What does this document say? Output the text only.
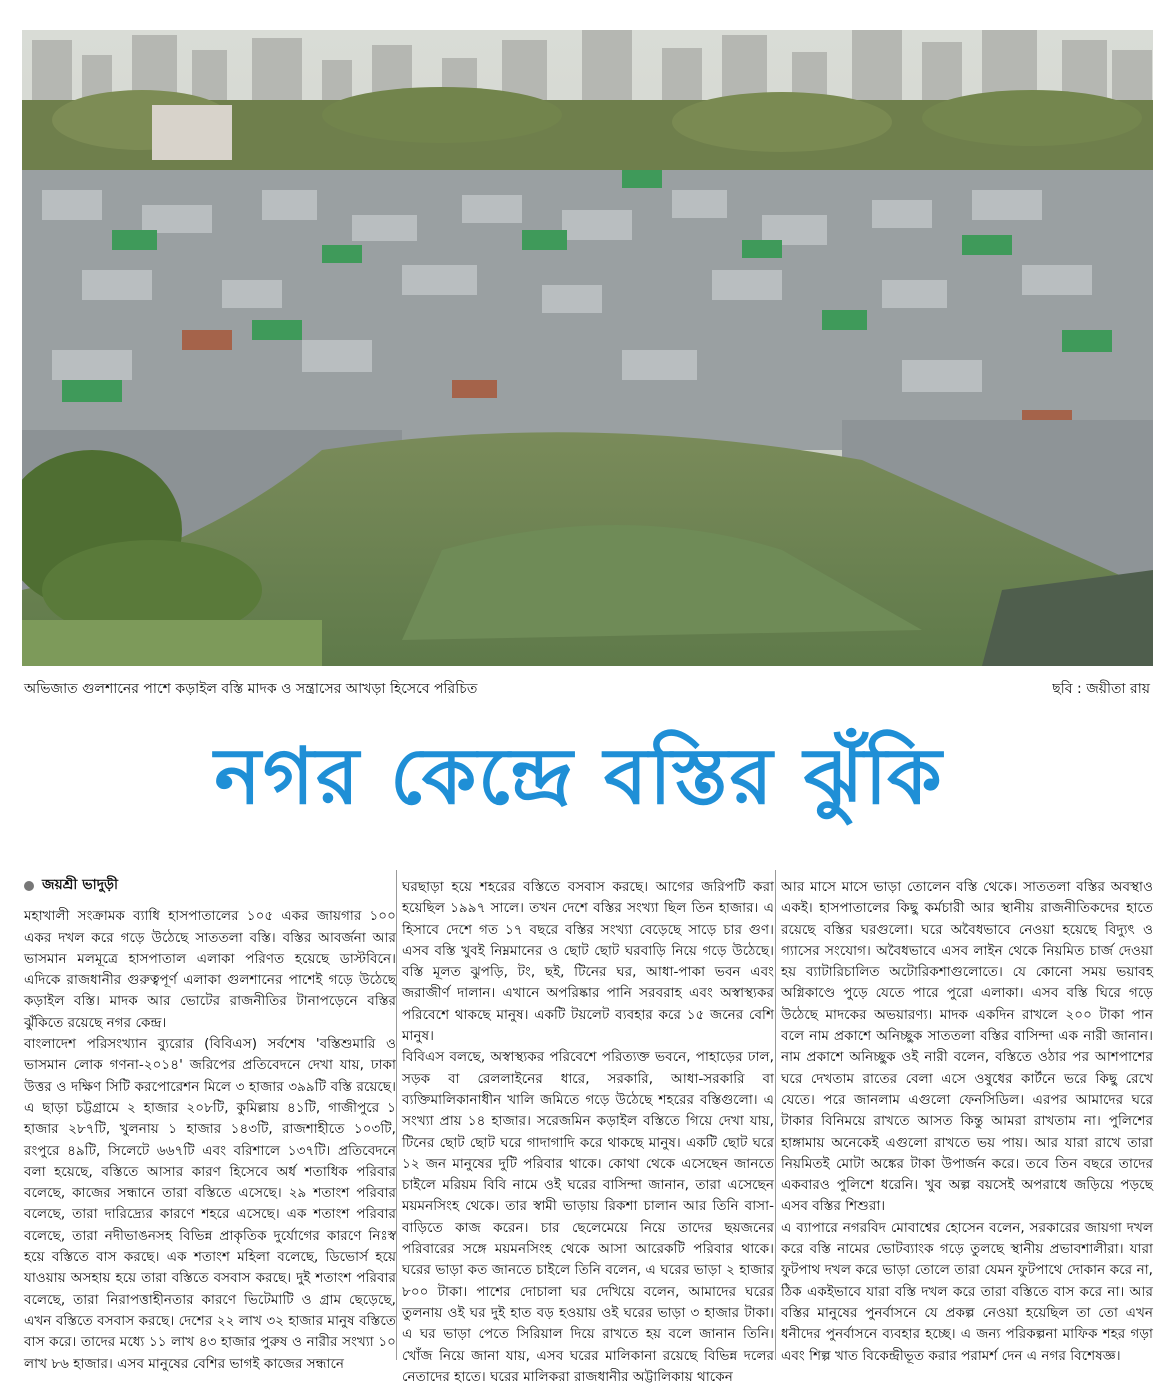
অভিজাত গুলশানের পাশে কড়াইল বস্তি মাদক ও সন্ত্রাসের আখড়া হিসেবে পরিচিত	ছবি : জয়ীতা রায়
নগর কেন্দ্রে বস্তির ঝুঁকি
জয়শ্রী ভাদুড়ী

মহাখালী সংক্রামক ব্যাধি হাসপাতালের ১০৫ একর জায়গার ১০০ একর দখল করে গড়ে উঠেছে সাততলা বস্তি। বস্তির আবর্জনা আর ভাসমান মলমূত্রে হাসপাতাল এলাকা পরিণত হয়েছে ডাস্টবিনে। এদিকে রাজধানীর গুরুত্বপূর্ণ এলাকা গুলশানের পাশেই গড়ে উঠেছে কড়াইল বস্তি। মাদক আর ভোটের রাজনীতির টানাপড়েনে বস্তির ঝুঁকিতে রয়েছে নগর কেন্দ্র।

বাংলাদেশ পরিসংখ্যান ব্যুরোর (বিবিএস) সর্বশেষ 'বস্তিশুমারি ও ভাসমান লোক গণনা-২০১৪' জরিপের প্রতিবেদনে দেখা যায়, ঢাকা উত্তর ও দক্ষিণ সিটি করপোরেশন মিলে ৩ হাজার ৩৯৯টি বস্তি রয়েছে। এ ছাড়া চট্টগ্রামে ২ হাজার ২০৮টি, কুমিল্লায় ৪১টি, গাজীপুরে ১ হাজার ২৮৭টি, খুলনায় ১ হাজার ১৪৩টি, রাজশাহীতে ১০৩টি, রংপুরে ৪৯টি, সিলেটে ৬৬৭টি এবং বরিশালে ১৩৭টি। প্রতিবেদনে বলা হয়েছে, বস্তিতে আসার কারণ হিসেবে অর্ধ শতাধিক পরিবার বলেছে, কাজের সন্ধানে তারা বস্তিতে এসেছে। ২৯ শতাংশ পরিবার বলেছে, তারা দারিদ্র্যের কারণে শহরে এসেছে। এক শতাংশ পরিবার বলেছে, তারা নদীভাঙনসহ বিভিন্ন প্রাকৃতিক দুর্যোগের কারণে নিঃস্ব হয়ে বস্তিতে বাস করছে। এক শতাংশ মহিলা বলেছে, ডিভোর্স হয়ে যাওয়ায় অসহায় হয়ে তারা বস্তিতে বসবাস করছে। দুই শতাংশ পরিবার বলেছে, তারা নিরাপত্তাহীনতার কারণে ভিটেমাটি ও গ্রাম ছেড়েছে, এখন বস্তিতে বসবাস করছে। দেশের ২২ লাখ ৩২ হাজার মানুষ বস্তিতে বাস করে। তাদের মধ্যে ১১ লাখ ৪৩ হাজার পুরুষ ও নারীর সংখ্যা ১০ লাখ ৮৬ হাজার। এসব মানুষের বেশির ভাগই কাজের সন্ধানে

ঘরছাড়া হয়ে শহরের বস্তিতে বসবাস করছে। আগের জরিপটি করা হয়েছিল ১৯৯৭ সালে। তখন দেশে বস্তির সংখ্যা ছিল তিন হাজার। এ হিসাবে দেশে গত ১৭ বছরে বস্তির সংখ্যা বেড়েছে সাড়ে চার গুণ। এসব বস্তি খুবই নিম্নমানের ও ছোট ছোট ঘরবাড়ি নিয়ে গড়ে উঠেছে। বস্তি মূলত ঝুপড়ি, টং, ছই, টিনের ঘর, আধা-পাকা ভবন এবং জরাজীর্ণ দালান। এখানে অপরিষ্কার পানি সরবরাহ এবং অস্বাস্থ্যকর পরিবেশে থাকছে মানুষ। একটি টয়লেট ব্যবহার করে ১৫ জনের বেশি মানুষ।

বিবিএস বলছে, অস্বাস্থ্যকর পরিবেশে পরিত্যক্ত ভবনে, পাহাড়ের ঢাল, সড়ক বা রেললাইনের ধারে, সরকারি, আধা-সরকারি বা ব্যক্তিমালিকানাধীন খালি জমিতে গড়ে উঠেছে শহরের বস্তিগুলো। এ সংখ্যা প্রায় ১৪ হাজার। সরেজমিন কড়াইল বস্তিতে গিয়ে দেখা যায়, টিনের ছোট ছোট ঘরে গাদাগাদি করে থাকছে মানুষ। একটি ছোট ঘরে ১২ জন মানুষের দুটি পরিবার থাকে। কোথা থেকে এসেছেন জানতে চাইলে মরিয়ম বিবি নামে ওই ঘরের বাসিন্দা জানান, তারা এসেছেন ময়মনসিংহ থেকে। তার স্বামী ভাড়ায় রিকশা চালান আর তিনি বাসা-বাড়িতে কাজ করেন। চার ছেলেমেয়ে নিয়ে তাদের ছয়জনের পরিবারের সঙ্গে ময়মনসিংহ থেকে আসা আরেকটি পরিবার থাকে। ঘরের ভাড়া কত জানতে চাইলে তিনি বলেন, এ ঘরের ভাড়া ২ হাজার ৮০০ টাকা। পাশের দোচালা ঘর দেখিয়ে বলেন, আমাদের ঘরের তুলনায় ওই ঘর দুই হাত বড় হওয়ায় ওই ঘরের ভাড়া ৩ হাজার টাকা। এ ঘর ভাড়া পেতে সিরিয়াল দিয়ে রাখতে হয় বলে জানান তিনি। খোঁজ নিয়ে জানা যায়, এসব ঘরের মালিকানা রয়েছে বিভিন্ন দলের নেতাদের হাতে। ঘরের মালিকরা রাজধানীর অট্টালিকায় থাকেন

আর মাসে মাসে ভাড়া তোলেন বস্তি থেকে। সাততলা বস্তির অবস্থাও একই। হাসপাতালের কিছু কর্মচারী আর স্থানীয় রাজনীতিকদের হাতে রয়েছে বস্তির ঘরগুলো। ঘরে অবৈধভাবে নেওয়া হয়েছে বিদ্যুৎ ও গ্যাসের সংযোগ। অবৈধভাবে এসব লাইন থেকে নিয়মিত চার্জ দেওয়া হয় ব্যাটারিচালিত অটোরিকশাগুলোতে। যে কোনো সময় ভয়াবহ অগ্নিকাণ্ডে পুড়ে যেতে পারে পুরো এলাকা। এসব বস্তি ঘিরে গড়ে উঠেছে মাদকের অভয়ারণ্য। মাদক একদিন রাখলে ২০০ টাকা পান বলে নাম প্রকাশে অনিচ্ছুক সাততলা বস্তির বাসিন্দা এক নারী জানান। নাম প্রকাশে অনিচ্ছুক ওই নারী বলেন, বস্তিতে ওঠার পর আশপাশের ঘরে দেখতাম রাতের বেলা এসে ওষুধের কার্টনে ভরে কিছু রেখে যেতে। পরে জানলাম এগুলো ফেনসিডিল। এরপর আমাদের ঘরে টাকার বিনিময়ে রাখতে আসত কিন্তু আমরা রাখতাম না। পুলিশের হাঙ্গামায় অনেকেই এগুলো রাখতে ভয় পায়। আর যারা রাখে তারা নিয়মিতই মোটা অঙ্কের টাকা উপার্জন করে। তবে তিন বছরে তাদের একবারও পুলিশে ধরেনি। খুব অল্প বয়সেই অপরাধে জড়িয়ে পড়ছে এসব বস্তির শিশুরা।

এ ব্যাপারে নগরবিদ মোবাশ্বের হোসেন বলেন, সরকারের জায়গা দখল করে বস্তি নামের ভোটব্যাংক গড়ে তুলছে স্থানীয় প্রভাবশালীরা। যারা ফুটপাথ দখল করে ভাড়া তোলে তারা যেমন ফুটপাথে দোকান করে না, ঠিক একইভাবে যারা বস্তি দখল করে তারা বস্তিতে বাস করে না। আর বস্তির মানুষের পুনর্বাসনে যে প্রকল্প নেওয়া হয়েছিল তা তো এখন ধনীদের পুনর্বাসনে ব্যবহার হচ্ছে। এ জন্য পরিকল্পনা মাফিক শহর গড়া এবং শিল্প খাত বিকেন্দ্রীভূত করার পরামর্শ দেন এ নগর বিশেষজ্ঞ।
